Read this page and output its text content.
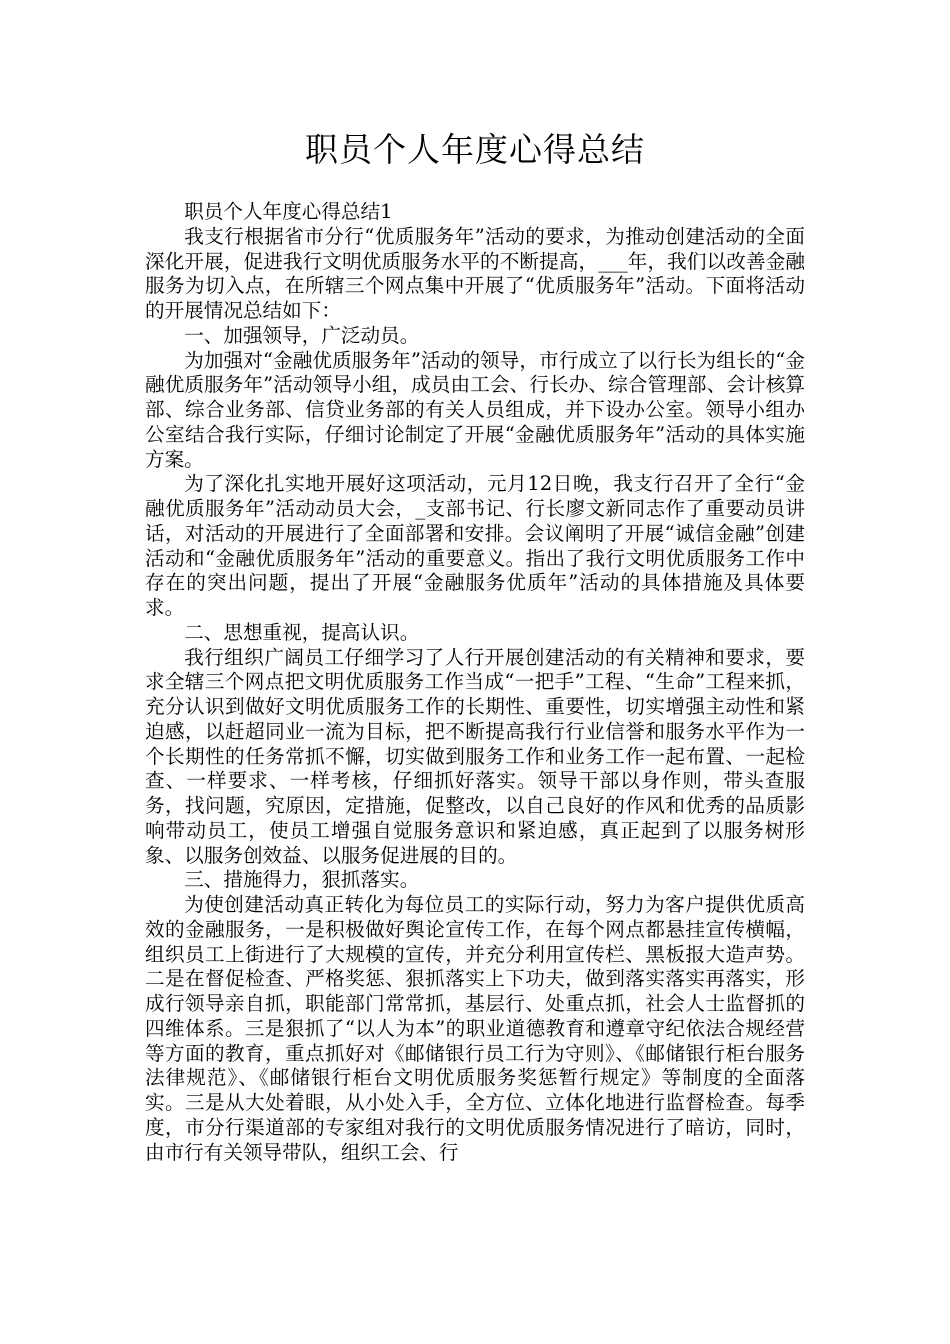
职员个人年度心得总结

职员个人年度心得总结1

我支行根据省市分行“优质服务年”活动的要求，为推动创建活动的全面深化开展，促进我行文明优质服务水平的不断提高，___年，我们以改善金融服务为切入点，在所辖三个网点集中开展了“优质服务年”活动。下面将活动的开展情况总结如下：

一、加强领导，广泛动员。

为加强对“金融优质服务年”活动的领导，市行成立了以行长为组长的“金融优质服务年”活动领导小组，成员由工会、行长办、综合管理部、会计核算部、综合业务部、信贷业务部的有关人员组成，并下设办公室。领导小组办公室结合我行实际，仔细讨论制定了开展“金融优质服务年”活动的具体实施方案。

为了深化扎实地开展好这项活动，元月12日晚，我支行召开了全行“金融优质服务年”活动动员大会，_支部书记、行长廖文新同志作了重要动员讲话，对活动的开展进行了全面部署和安排。会议阐明了开展“诚信金融”创建活动和“金融优质服务年”活动的重要意义。指出了我行文明优质服务工作中存在的突出问题，提出了开展“金融服务优质年”活动的具体措施及具体要求。

二、思想重视，提高认识。

我行组织广阔员工仔细学习了人行开展创建活动的有关精神和要求，要求全辖三个网点把文明优质服务工作当成“一把手”工程、“生命”工程来抓，充分认识到做好文明优质服务工作的长期性、重要性，切实增强主动性和紧迫感，以赶超同业一流为目标，把不断提高我行行业信誉和服务水平作为一个长期性的任务常抓不懈，切实做到服务工作和业务工作一起布置、一起检查、一样要求、一样考核，仔细抓好落实。领导干部以身作则，带头查服务，找问题，究原因，定措施，促整改，以自己良好的作风和优秀的品质影响带动员工，使员工增强自觉服务意识和紧迫感，真正起到了以服务树形象、以服务创效益、以服务促进展的目的。

三、措施得力，狠抓落实。

为使创建活动真正转化为每位员工的实际行动，努力为客户提供优质高效的金融服务，一是积极做好舆论宣传工作，在每个网点都悬挂宣传横幅，组织员工上街进行了大规模的宣传，并充分利用宣传栏、黑板报大造声势。二是在督促检查、严格奖惩、狠抓落实上下功夫，做到落实落实再落实，形成行领导亲自抓，职能部门常常抓，基层行、处重点抓，社会人士监督抓的四维体系。三是狠抓了“以人为本”的职业道德教育和遵章守纪依法合规经营等方面的教育，重点抓好对《邮储银行员工行为守则》、《邮储银行柜台服务法律规范》、《邮储银行柜台文明优质服务奖惩暂行规定》等制度的全面落实。三是从大处着眼，从小处入手，全方位、立体化地进行监督检查。每季度，市分行渠道部的专家组对我行的文明优质服务情况进行了暗访，同时，由市行有关领导带队，组织工会、行
